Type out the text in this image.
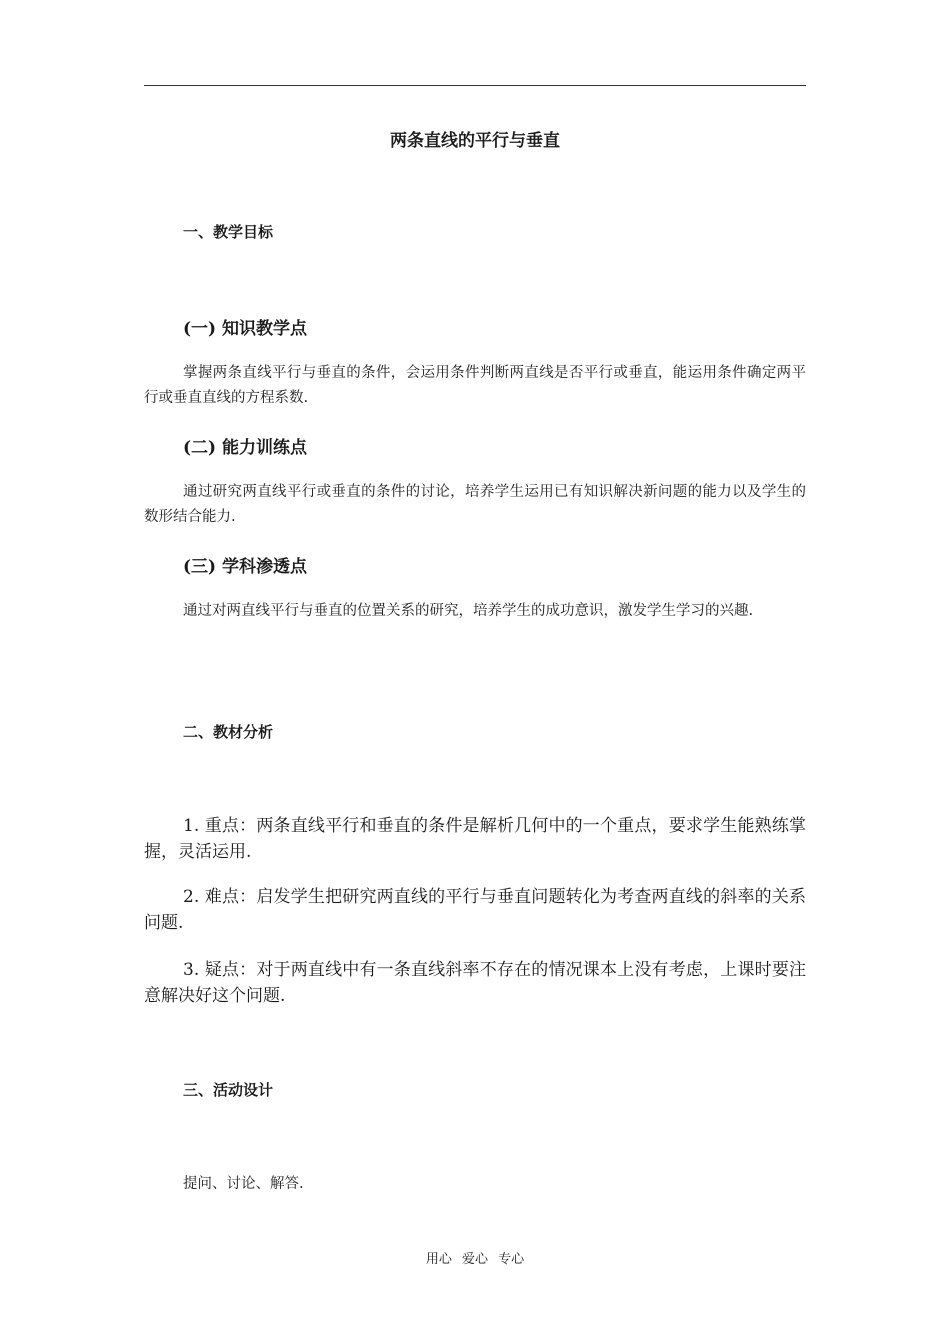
两条直线的平行与垂直
一、教学目标
(一) 知识教学点

掌握两条直线平行与垂直的条件，会运用条件判断两直线是否平行或垂直，能运用条件确定两平行或垂直直线的方程系数.

(二) 能力训练点

通过研究两直线平行或垂直的条件的讨论，培养学生运用已有知识解决新问题的能力以及学生的数形结合能力.

(三) 学科渗透点

通过对两直线平行与垂直的位置关系的研究，培养学生的成功意识，激发学生学习的兴趣.

二、教材分析

1. 重点：两条直线平行和垂直的条件是解析几何中的一个重点，要求学生能熟练掌握，灵活运用.

2. 难点：启发学生把研究两直线的平行与垂直问题转化为考查两直线的斜率的关系问题.

3. 疑点：对于两直线中有一条直线斜率不存在的情况课本上没有考虑，上课时要注意解决好这个问题.

三、活动设计

提问、讨论、解答.

用心 爱心 专心
